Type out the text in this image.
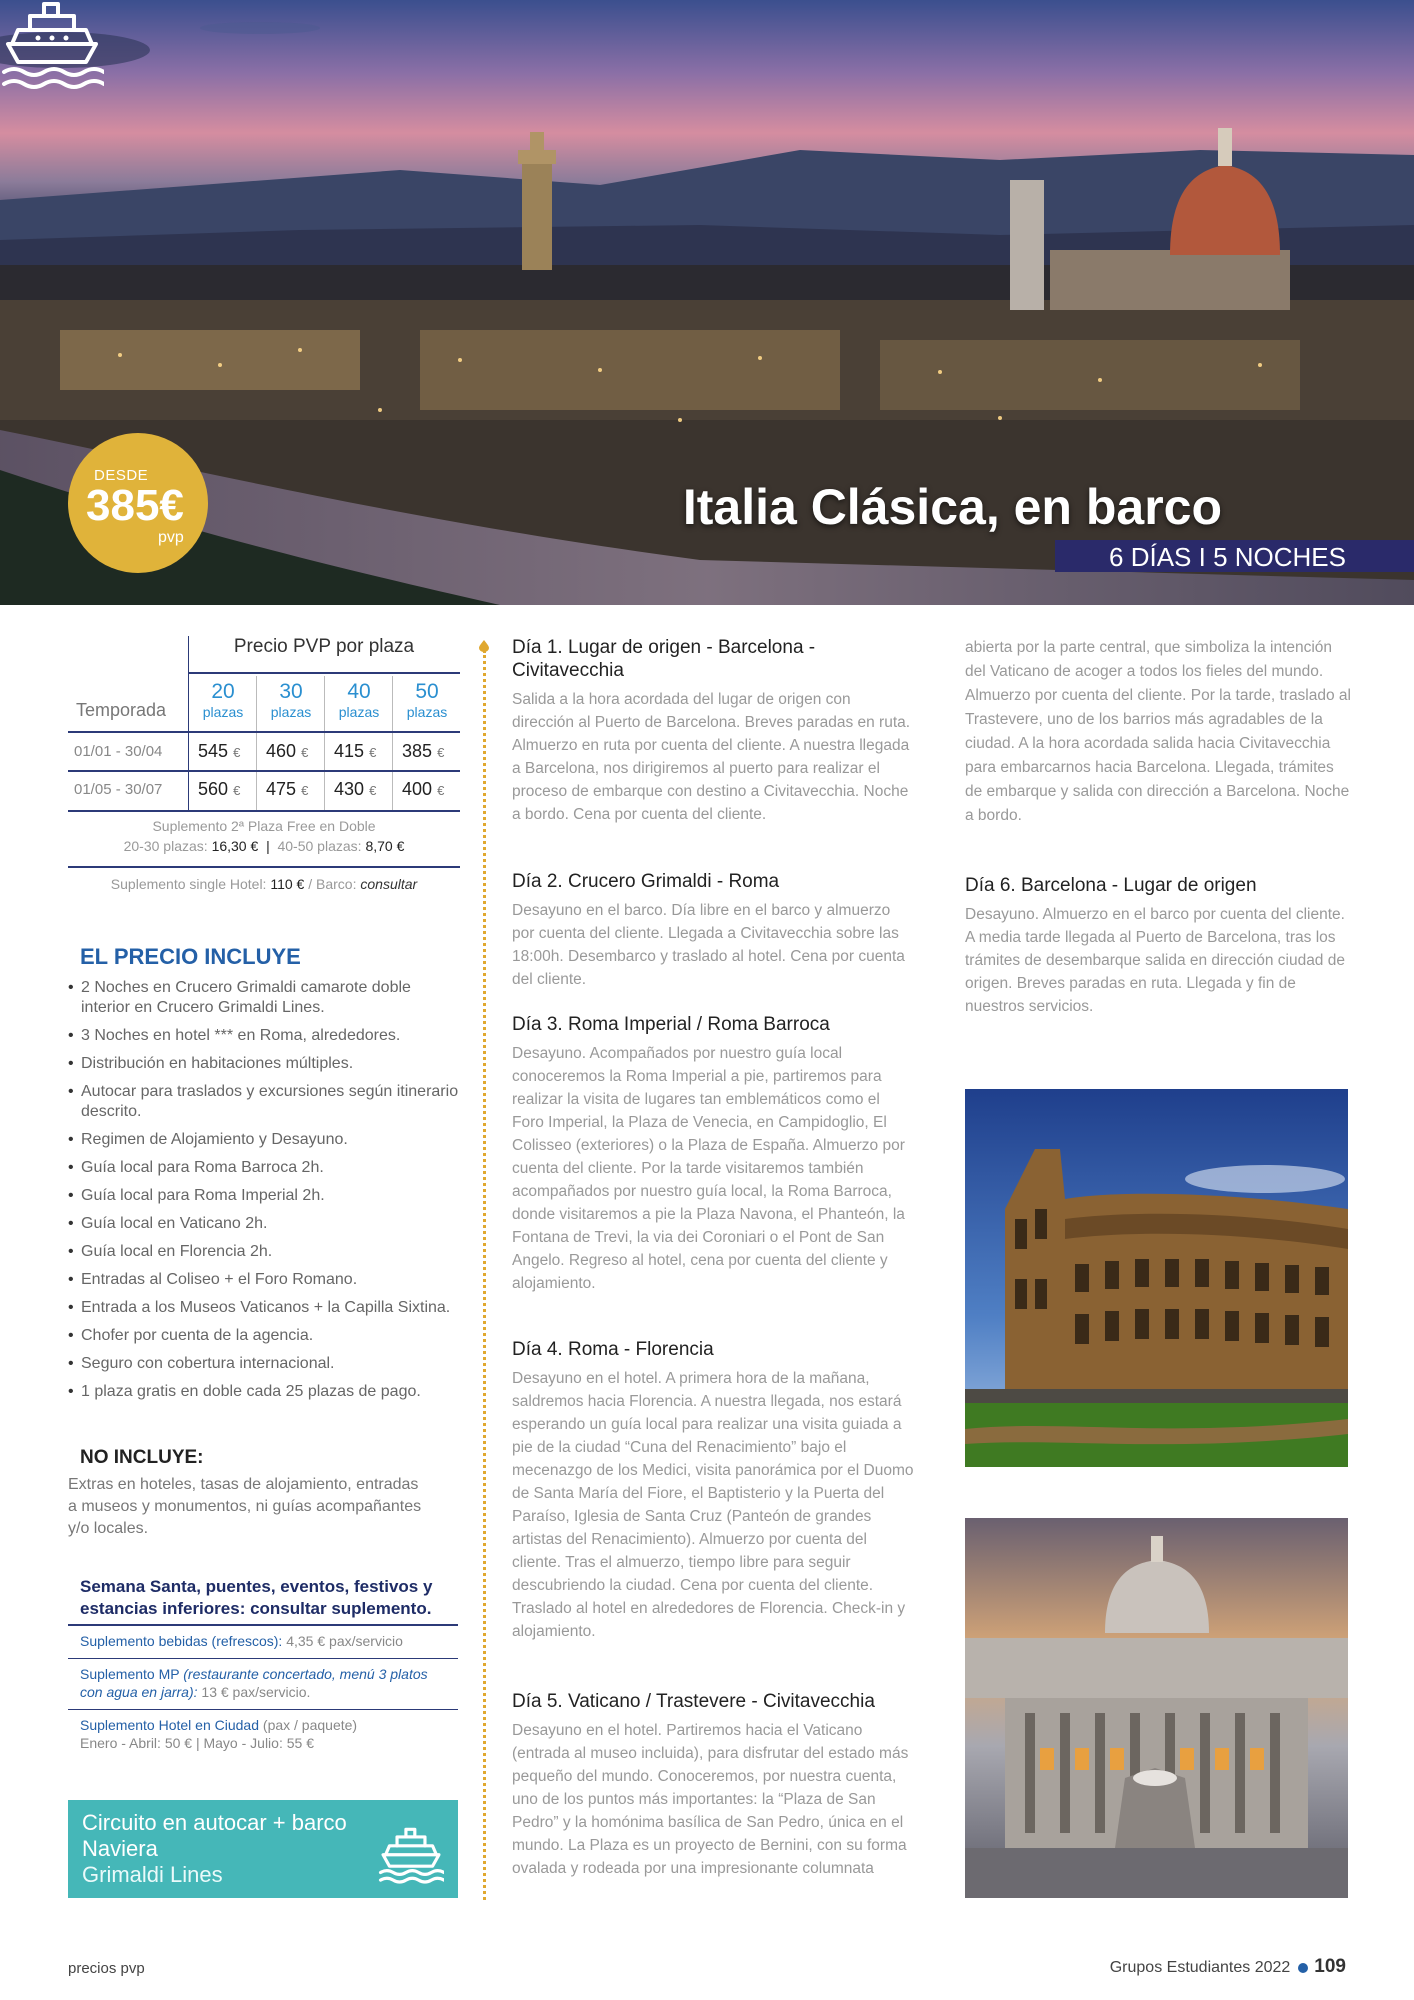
DESDE
385€
pvp
Italia Clásica, en barco
6 DÍAS I 5 NOCHES
Precio PVP por plaza
20
plazas
30
plazas
40
plazas
50
plazas
Temporada
01/01 - 30/04 545 € 460 € 415 € 385 €
01/05 - 30/07 560 € 475 € 430 € 400 €
Suplemento 2ª Plaza Free en Doble
20-30 plazas: 16,30 € | 40-50 plazas: 8,70 €
Suplemento single Hotel: 110 € / Barco: consultar
EL PRECIO INCLUYE
• 2 Noches en Crucero Grimaldi camarote doble interior en Crucero Grimaldi Lines.
• 3 Noches en hotel *** en Roma, alrededores.
• Distribución en habitaciones múltiples.
• Autocar para traslados y excursiones según itinerario descrito.
• Regimen de Alojamiento y Desayuno.
• Guía local para Roma Barroca 2h.
• Guía local para Roma Imperial 2h.
• Guía local en Vaticano 2h.
• Guía local en Florencia 2h.
• Entradas al Coliseo + el Foro Romano.
• Entrada a los Museos Vaticanos + la Capilla Sixtina.
• Chofer por cuenta de la agencia.
• Seguro con cobertura internacional.
• 1 plaza gratis en doble cada 25 plazas de pago.
NO INCLUYE:
Extras en hoteles, tasas de alojamiento, entradas a museos y monumentos, ni guías acompañantes y/o locales.
Semana Santa, puentes, eventos, festivos y estancias inferiores: consultar suplemento.
Suplemento bebidas (refrescos): 4,35 € pax/servicio
Suplemento MP (restaurante concertado, menú 3 platos con agua en jarra): 13 € pax/servicio.
Suplemento Hotel en Ciudad (pax / paquete)
Enero - Abril: 50 € | Mayo - Julio: 55 €
Circuito en autocar + barco
Naviera
Grimaldi Lines
Día 1. Lugar de origen - Barcelona - Civitavecchia

Salida a la hora acordada del lugar de origen con dirección al Puerto de Barcelona. Breves paradas en ruta. Almuerzo en ruta por cuenta del cliente. A nuestra llegada a Barcelona, nos dirigiremos al puerto para realizar el proceso de embarque con destino a Civitavecchia. Noche a bordo. Cena por cuenta del cliente.

Día 2. Crucero Grimaldi - Roma

Desayuno en el barco. Día libre en el barco y almuerzo por cuenta del cliente. Llegada a Civitavecchia sobre las 18:00h. Desembarco y traslado al hotel. Cena por cuenta del cliente.

Día 3. Roma Imperial / Roma Barroca

Desayuno. Acompañados por nuestro guía local conoceremos la Roma Imperial a pie, partiremos para realizar la visita de lugares tan emblemáticos como el Foro Imperial, la Plaza de Venecia, en Campidoglio, El Colisseo (exteriores) o la Plaza de España. Almuerzo por cuenta del cliente. Por la tarde visitaremos también acompañados por nuestro guía local, la Roma Barroca, donde visitaremos a pie la Plaza Navona, el Phanteón, la Fontana de Trevi, la via dei Coroniari o el Pont de San Angelo. Regreso al hotel, cena por cuenta del cliente y alojamiento.

Día 4. Roma - Florencia

Desayuno en el hotel. A primera hora de la mañana, saldremos hacia Florencia. A nuestra llegada, nos estará esperando un guía local para realizar una visita guiada a pie de la ciudad “Cuna del Renacimiento” bajo el mecenazgo de los Medici, visita panorámica por el Duomo de Santa María del Fiore, el Baptisterio y la Puerta del Paraíso, Iglesia de Santa Cruz (Panteón de grandes artistas del Renacimiento). Almuerzo por cuenta del cliente. Tras el almuerzo, tiempo libre para seguir descubriendo la ciudad. Cena por cuenta del cliente. Traslado al hotel en alrededores de Florencia. Check-in y alojamiento.

Día 5. Vaticano / Trastevere - Civitavecchia

Desayuno en el hotel. Partiremos hacia el Vaticano (entrada al museo incluida), para disfrutar del estado más pequeño del mundo. Conoceremos, por nuestra cuenta, uno de los puntos más importantes: la “Plaza de San Pedro” y la homónima basílica de San Pedro, única en el mundo. La Plaza es un proyecto de Bernini, con su forma ovalada y rodeada por una impresionante columnata

abierta por la parte central, que simboliza la intención del Vaticano de acoger a todos los fieles del mundo. Almuerzo por cuenta del cliente. Por la tarde, traslado al Trastevere, uno de los barrios más agradables de la ciudad. A la hora acordada salida hacia Civitavecchia para embarcarnos hacia Barcelona. Llegada, trámites de embarque y salida con dirección a Barcelona. Noche a bordo.

Día 6. Barcelona - Lugar de origen

Desayuno. Almuerzo en el barco por cuenta del cliente. A media tarde llegada al Puerto de Barcelona, tras los trámites de desembarque salida en dirección ciudad de origen. Breves paradas en ruta. Llegada y fin de nuestros servicios.

precios pvp	Grupos Estudiantes 2022 109
